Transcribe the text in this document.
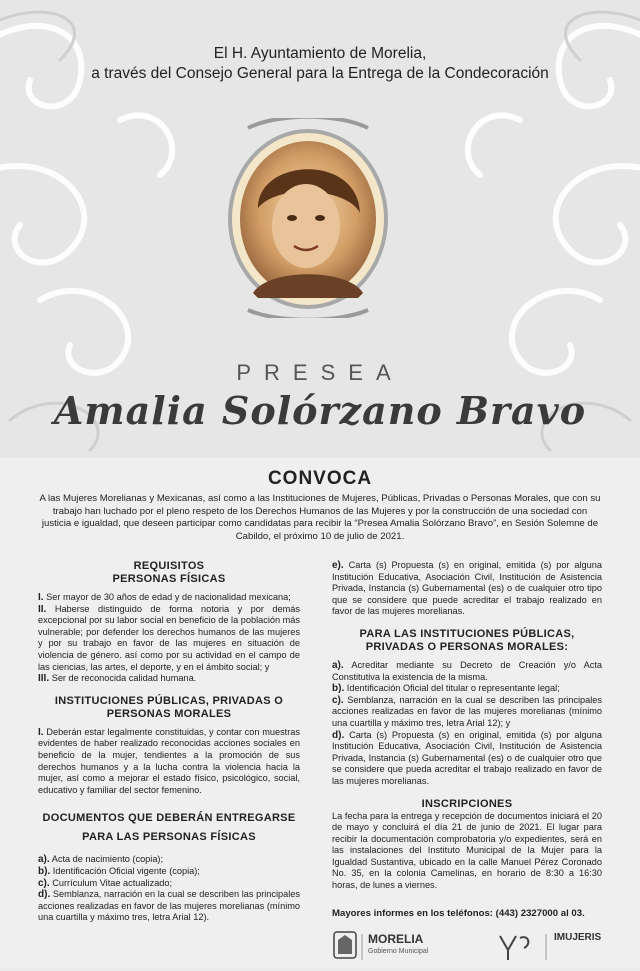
El H. Ayuntamiento de Morelia,
a través del Consejo General para la Entrega de la Condecoración
PRESEA
Amalia Solórzano Bravo
CONVOCA
A las Mujeres Morelianas y Mexicanas, así como a las Instituciones de Mujeres, Públicas, Privadas o Personas Morales, que con su trabajo han luchado por el pleno respeto de los Derechos Humanos de las Mujeres y por la construcción de una sociedad con justicia e igualdad, que deseen participar como candidatas para recibir la “Presea Amalia Solórzano Bravo”, en Sesión Solemne de Cabildo, el próximo 10 de julio de 2021.
REQUISITOS
PERSONAS FÍSICAS

I. Ser mayor de 30 años de edad y de nacionalidad mexicana;

II. Haberse distinguido de forma notoria y por demás excepcional por su labor social en beneficio de la población más vulnerable; por defender los derechos humanos de las mujeres y por su trabajo en favor de las mujeres en situación de violencia de género. así como por su actividad en el campo de las ciencias, las artes, el deporte, y en el ámbito social; y

III. Ser de reconocida calidad humana.

INSTITUCIONES PÚBLICAS, PRIVADAS O
PERSONAS MORALES

I. Deberán estar legalmente constituidas, y contar con muestras evidentes de haber realizado reconocidas acciones sociales en beneficio de la mujer, tendientes a la promoción de sus derechos humanos y a la lucha contra la violencia hacia la mujer, así como a mejorar el estado físico, psicológico, social, educativo y familiar del sector femenino.

DOCUMENTOS QUE DEBERÁN ENTREGARSE
PARA LAS PERSONAS FÍSICAS

a). Acta de nacimiento (copia);

b). Identificación Oficial vigente (copia);

c). Currículum Vitae actualizado;

d). Semblanza, narración en la cual se describen las principales acciones realizadas en favor de las mujeres morelianas (mínimo una cuartilla y máximo tres, letra Arial 12).

e). Carta (s) Propuesta (s) en original, emitida (s) por alguna Institución Educativa, Asociación Civil, Institución de Asistencia Privada, Instancia (s) Gubernamental (es) o de cualquier otro tipo que se considere que puede acreditar el trabajo realizado en favor de las mujeres morelianas.

PARA LAS INSTITUCIONES PÚBLICAS,
PRIVADAS O PERSONAS MORALES:

a). Acreditar mediante su Decreto de Creación y/o Acta Constitutiva la existencia de la misma.

b). Identificación Oficial del titular o representante legal;

c). Semblanza, narración en la cual se describen las principales acciones realizadas en favor de las mujeres morelianas (mínimo una cuartilla y máximo tres, letra Arial 12); y

d). Carta (s) Propuesta (s) en original, emitida (s) por alguna Institución Educativa, Asociación Civil, Institución de Asistencia Privada, Instancia (s) Gubernamental (es) o de cualquier otro que se considere que pueda acreditar el trabajo realizado en favor de las mujeres morelianas.

INSCRIPCIONES

La fecha para la entrega y recepción de documentos iniciará el 20 de mayo y concluirá el día 21 de junio de 2021. El lugar para recibir la documentación comprobatoria y/o expedientes, será en las instalaciones del Instituto Municipal de la Mujer para la Igualdad Sustantiva, ubicado en la calle Manuel Pérez Coronado No. 35, en la colonia Camelinas, en horario de 8:30 a 16:30 horas, de lunes a viernes.

Mayores informes en los teléfonos: (443) 2327000 al 03.
MORELIA
Gobierno Municipal
IMUJERIS
